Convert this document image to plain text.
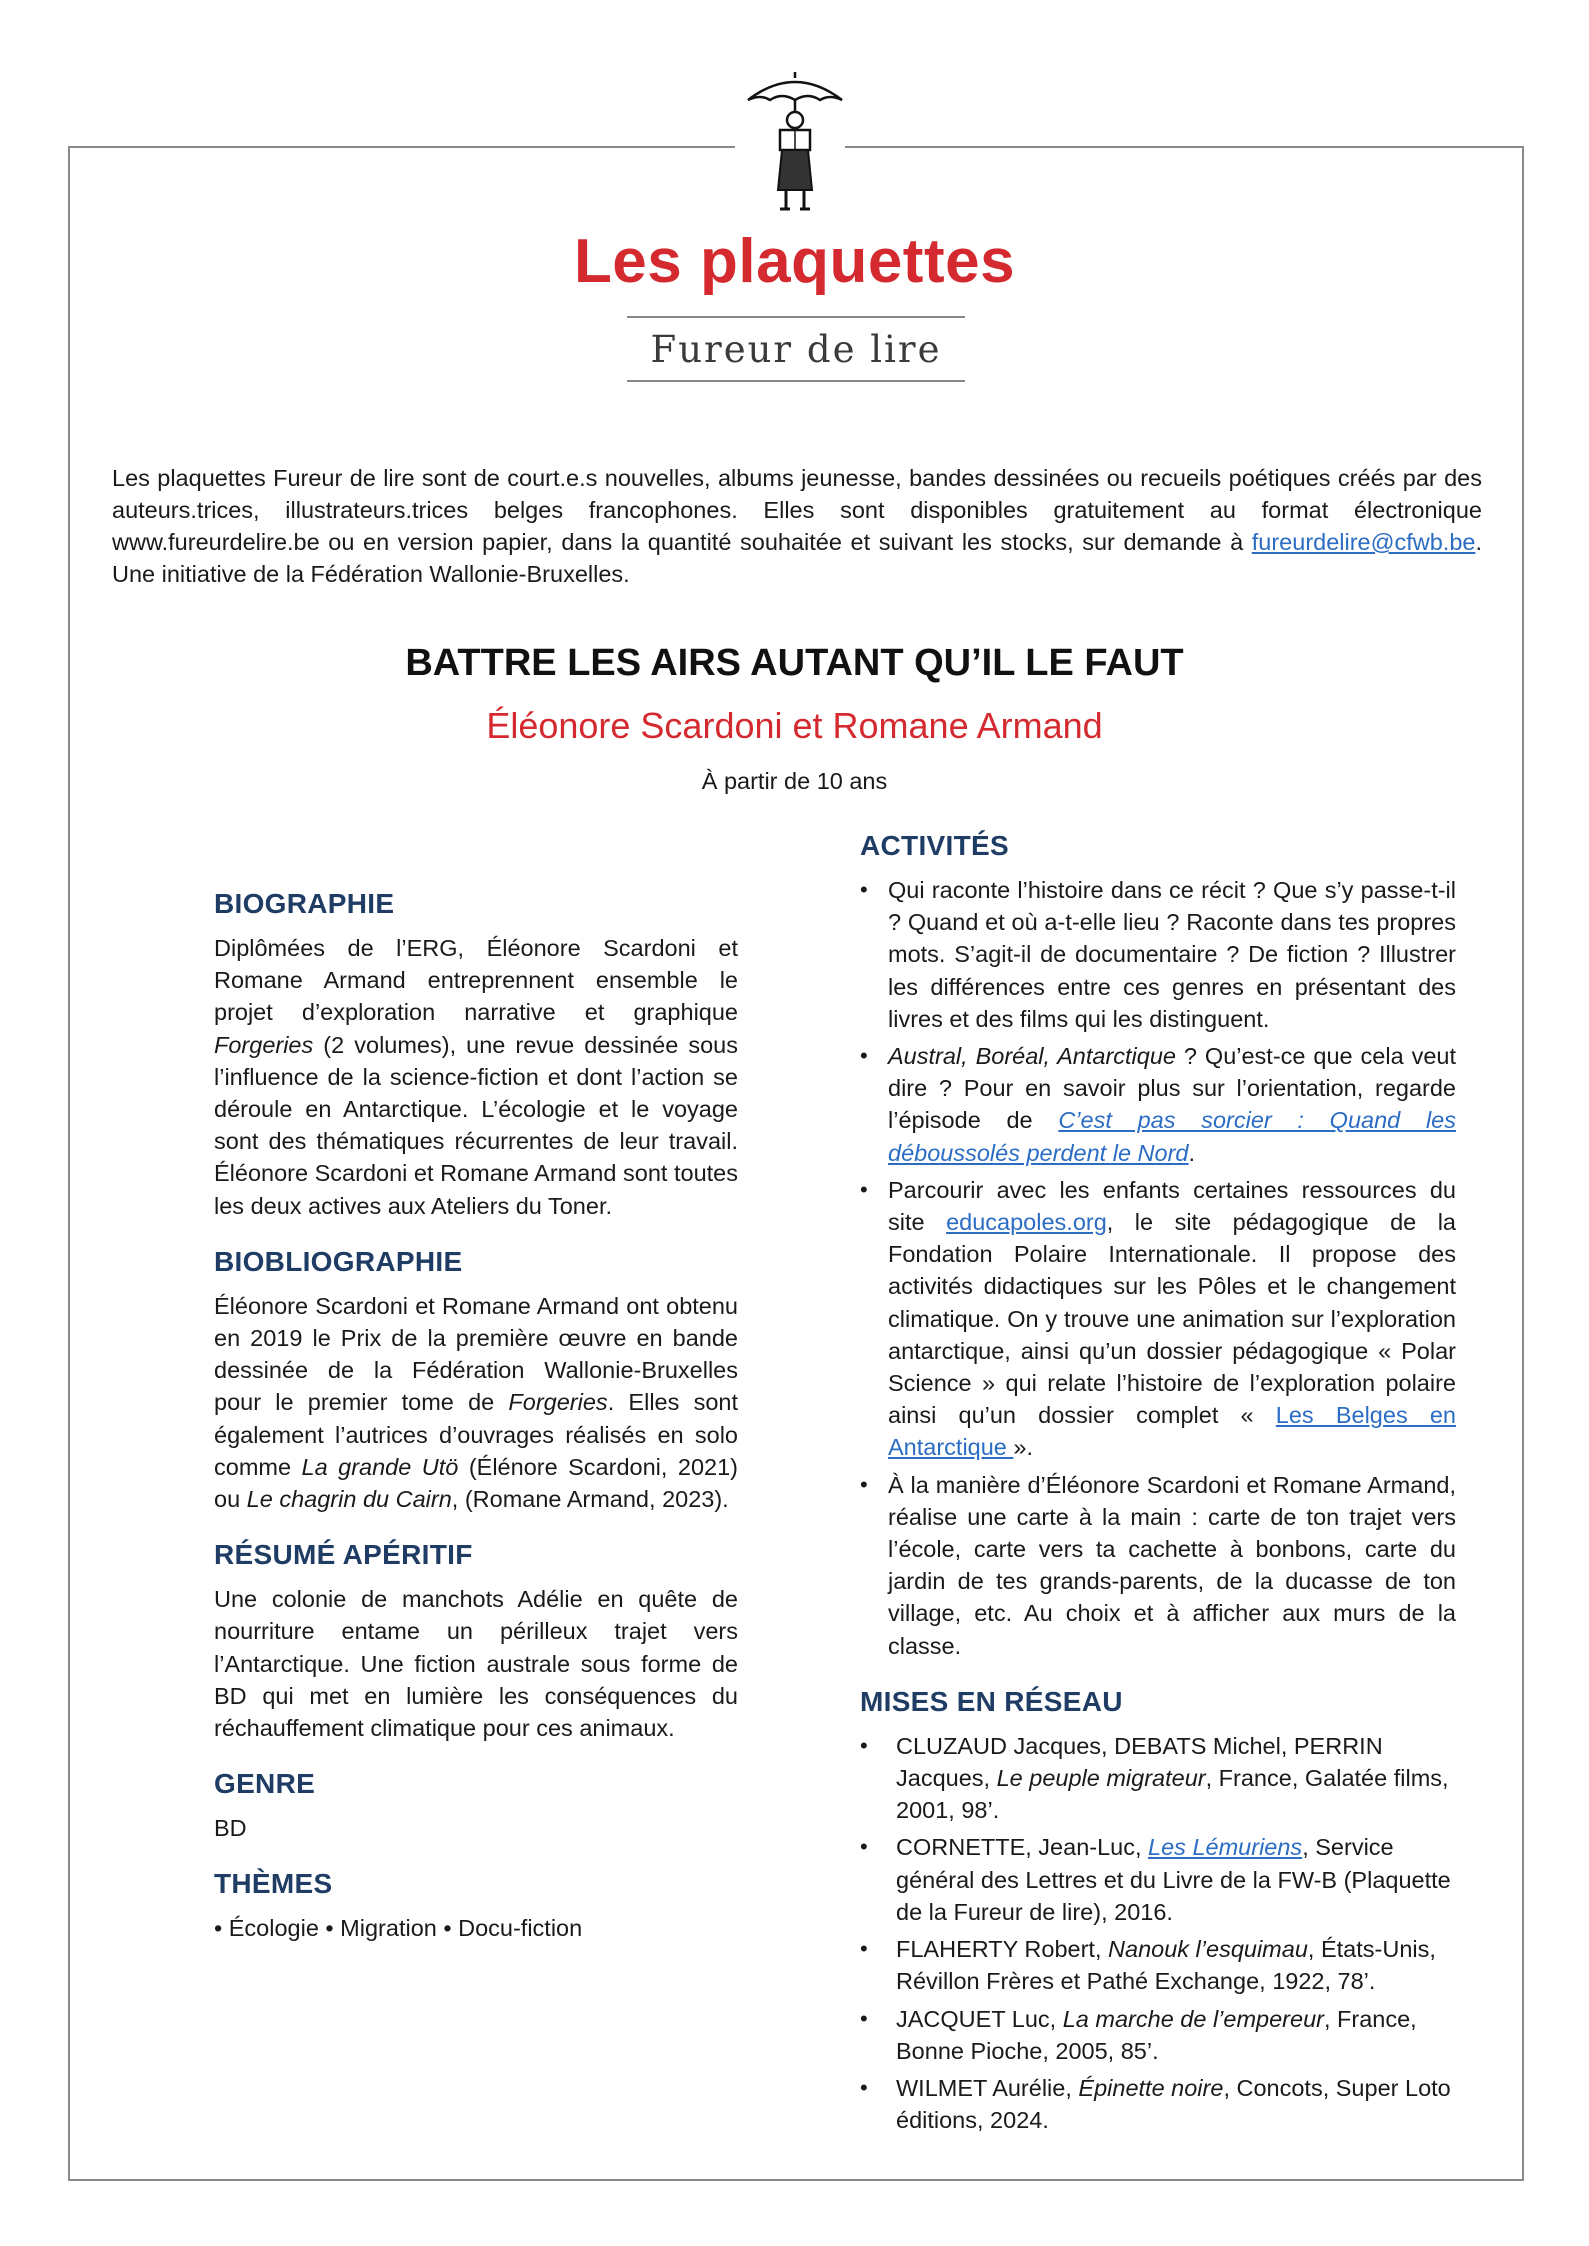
Les plaquettes
Fureur de lire
Les plaquettes Fureur de lire sont de court.e.s nouvelles, albums jeunesse, bandes dessinées ou recueils poétiques créés par des auteurs.trices, illustrateurs.trices belges francophones. Elles sont disponibles gratuitement au format électronique www.fureurdelire.be ou en version papier, dans la quantité souhaitée et suivant les stocks, sur demande à fureurdelire@cfwb.be. Une initiative de la Fédération Wallonie-Bruxelles.
BATTRE LES AIRS AUTANT QU’IL LE FAUT
Éléonore Scardoni et Romane Armand
À partir de 10 ans
BIOGRAPHIE

Diplômées de l’ERG, Éléonore Scardoni et Romane Armand entreprennent ensemble le projet d’exploration narrative et graphique Forgeries (2 volumes), une revue dessinée sous l’influence de la science-fiction et dont l’action se déroule en Antarctique. L’écologie et le voyage sont des thématiques récurrentes de leur travail. Éléonore Scardoni et Romane Armand sont toutes les deux actives aux Ateliers du Toner.

BIOBLIOGRAPHIE

Éléonore Scardoni et Romane Armand ont obtenu en 2019 le Prix de la première œuvre en bande dessinée de la Fédération Wallonie-Bruxelles pour le premier tome de Forgeries. Elles sont également l’autrices d’ouvrages réalisés en solo comme La grande Utö (Élénore Scardoni, 2021) ou Le chagrin du Cairn, (Romane Armand, 2023).

RÉSUMÉ APÉRITIF

Une colonie de manchots Adélie en quête de nourriture entame un périlleux trajet vers l’Antarctique. Une fiction australe sous forme de BD qui met en lumière les conséquences du réchauffement climatique pour ces animaux.

GENRE

BD

THÈMES
• Écologie • Migration • Docu-fiction
ACTIVITÉS
• Qui raconte l’histoire dans ce récit ? Que s’y passe-t-il ? Quand et où a-t-elle lieu ? Raconte dans tes propres mots. S’agit-il de documentaire ? De fiction ? Illustrer les différences entre ces genres en présentant des livres et des films qui les distinguent.
• Austral, Boréal, Antarctique ? Qu’est-ce que cela veut dire ? Pour en savoir plus sur l’orientation, regarde l’épisode de C’est pas sorcier : Quand les déboussolés perdent le Nord.
• Parcourir avec les enfants certaines ressources du site educapoles.org, le site pédagogique de la Fondation Polaire Internationale. Il propose des activités didactiques sur les Pôles et le changement climatique. On y trouve une animation sur l’exploration antarctique, ainsi qu’un dossier pédagogique « Polar Science » qui relate l’histoire de l’exploration polaire ainsi qu’un dossier complet « Les Belges en Antarctique ».
• À la manière d’Éléonore Scardoni et Romane Armand, réalise une carte à la main : carte de ton trajet vers l’école, carte vers ta cachette à bonbons, carte du jardin de tes grands-parents, de la ducasse de ton village, etc. Au choix et à afficher aux murs de la classe.
MISES EN RÉSEAU
• CLUZAUD Jacques, DEBATS Michel, PERRIN Jacques, Le peuple migrateur, France, Galatée films, 2001, 98’.
• CORNETTE, Jean-Luc, Les Lémuriens, Service général des Lettres et du Livre de la FW-B (Plaquette de la Fureur de lire), 2016.
• FLAHERTY Robert, Nanouk l’esquimau, États-Unis, Révillon Frères et Pathé Exchange, 1922, 78’.
• JACQUET Luc, La marche de l’empereur, France, Bonne Pioche, 2005, 85’.
• WILMET Aurélie, Épinette noire, Concots, Super Loto éditions, 2024.
